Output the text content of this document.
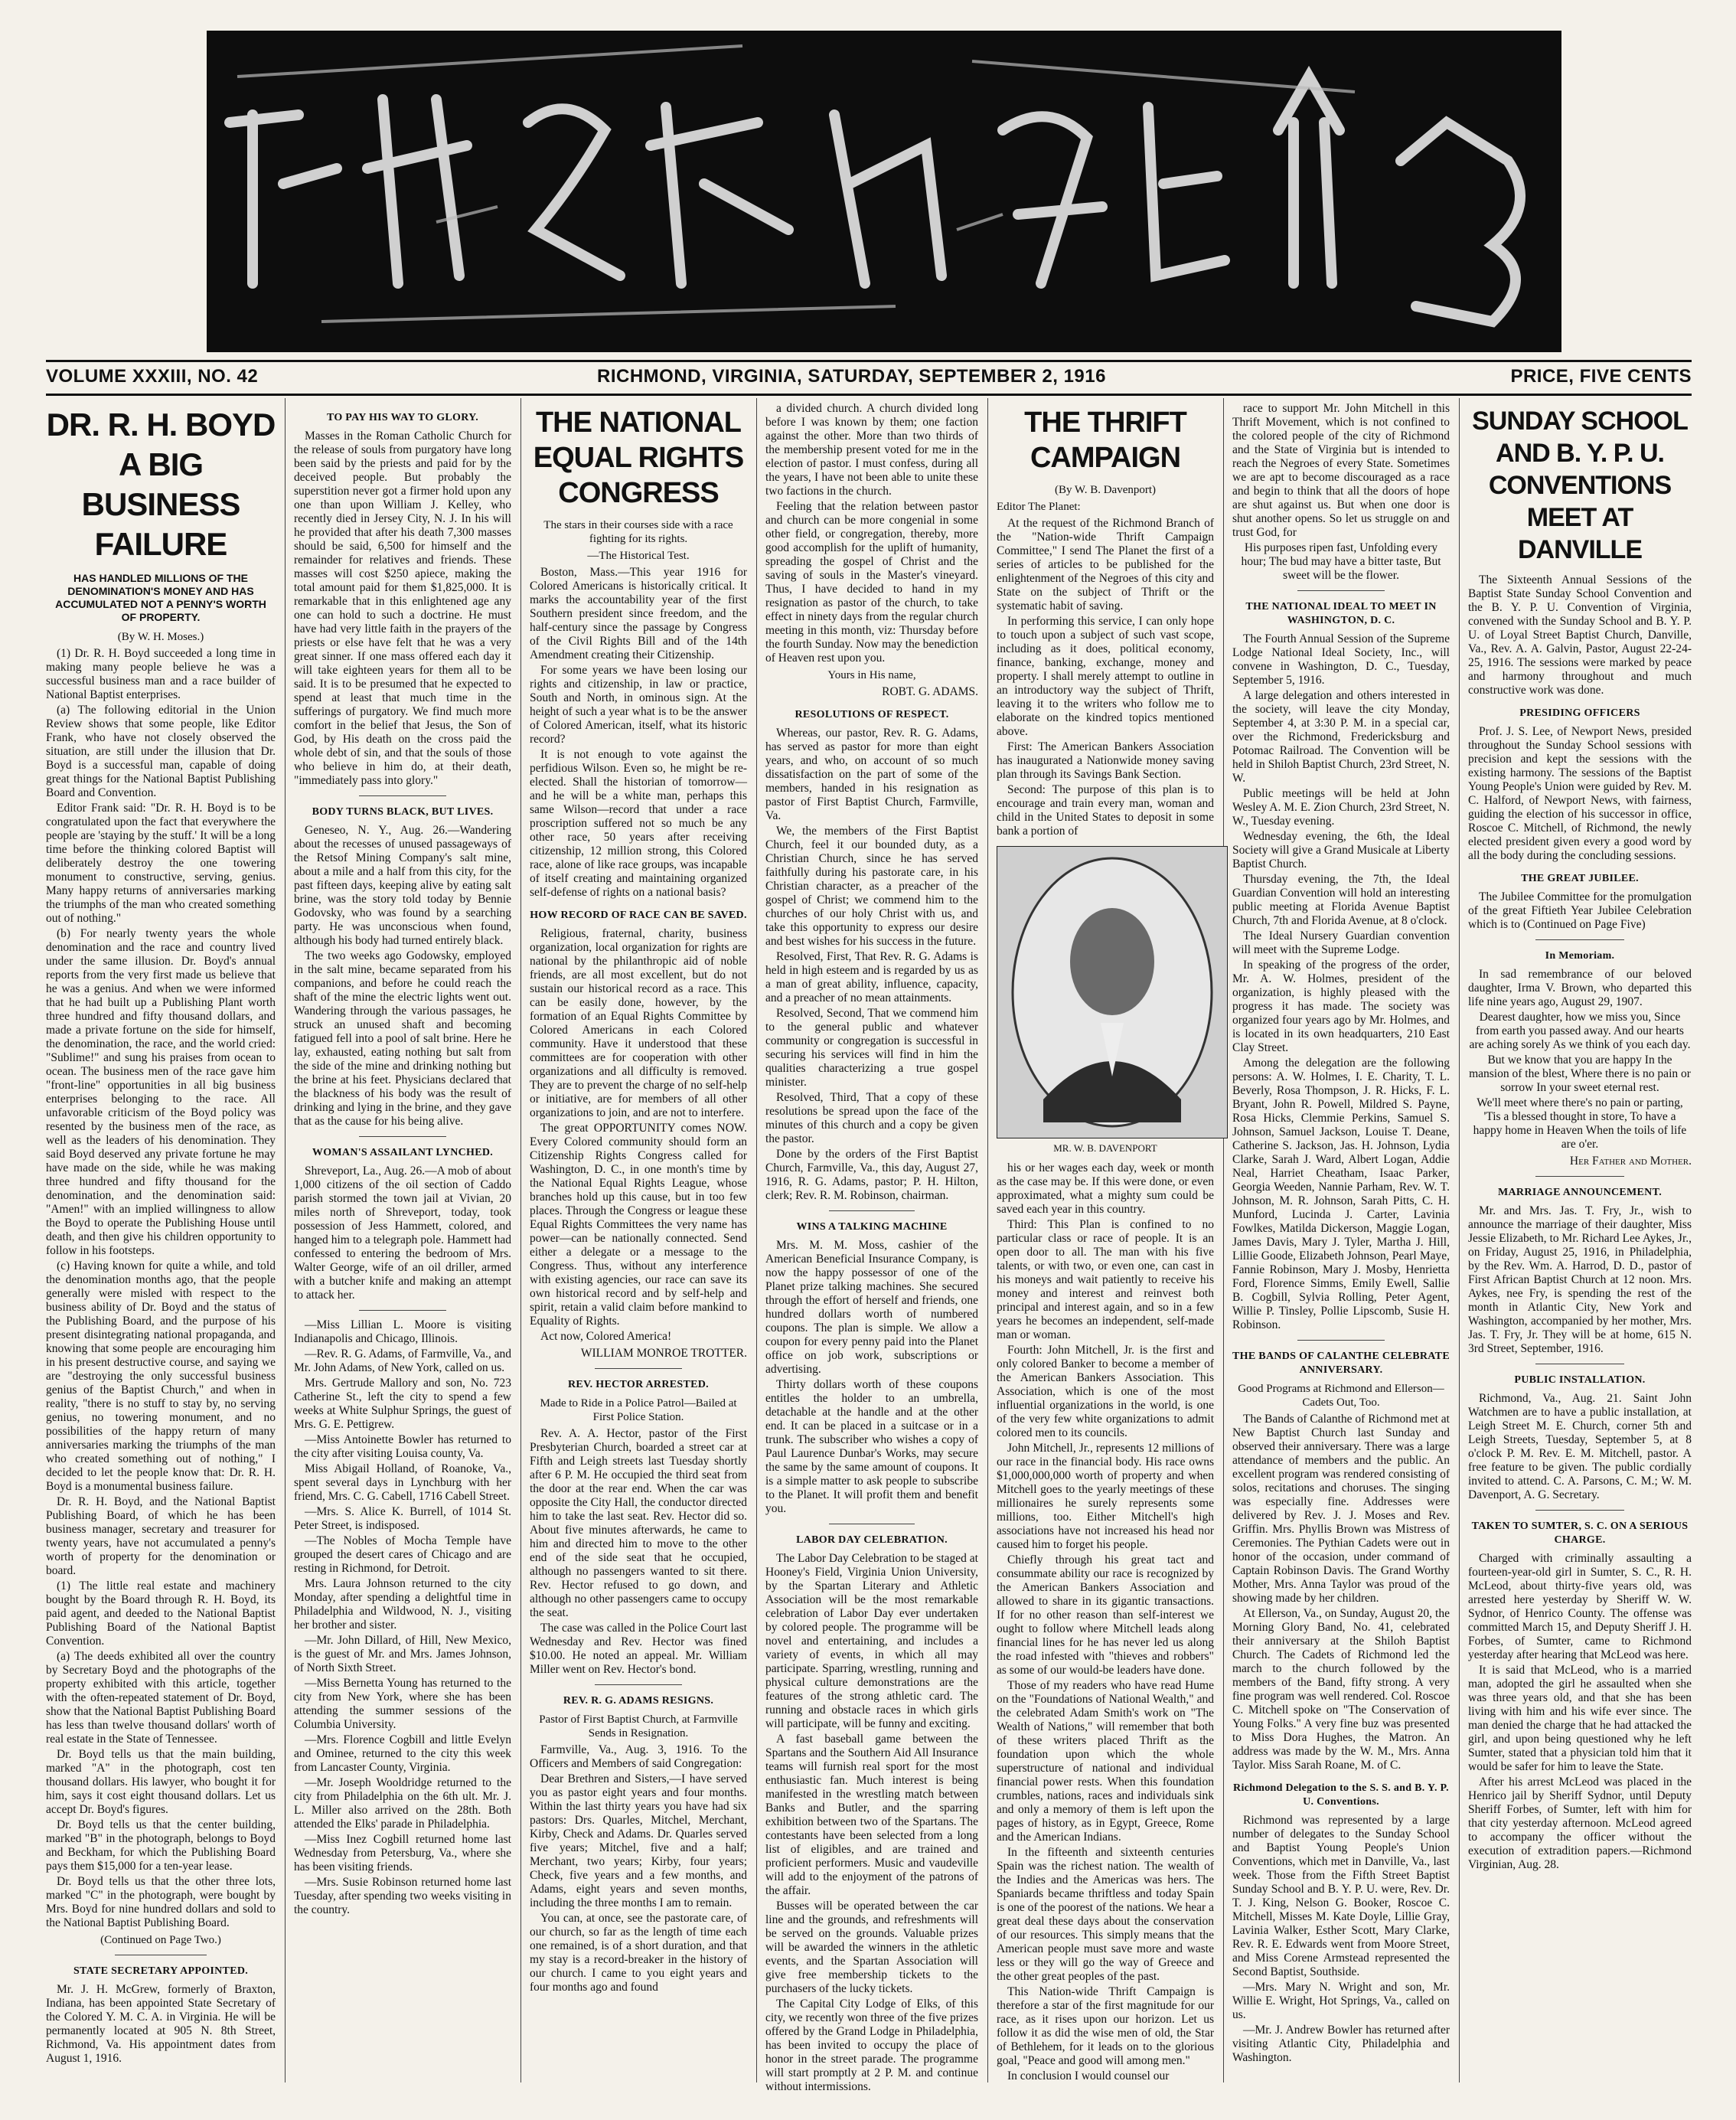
VOLUME XXXIII, NO. 42	RICHMOND, VIRGINIA, SATURDAY, SEPTEMBER 2, 1916	PRICE, FIVE CENTS
DR. R. H. BOYD A BIG BUSINESS FAILURE
HAS HANDLED MILLIONS OF THE DENOMINATION'S MONEY AND HAS ACCUMULATED NOT A PENNY'S WORTH OF PROPERTY.
(By W. H. Moses.)

(1) Dr. R. H. Boyd succeeded a long time in making many people believe he was a successful business man and a race builder of National Baptist enterprises.

(a) The following editorial in the Union Review shows that some people, like Editor Frank, who have not closely observed the situation, are still under the illusion that Dr. Boyd is a successful man, capable of doing great things for the National Baptist Publishing Board and Convention.

Editor Frank said: "Dr. R. H. Boyd is to be congratulated upon the fact that everywhere the people are 'staying by the stuff.' It will be a long time before the thinking colored Baptist will deliberately destroy the one towering monument to constructive, serving, genius. Many happy returns of anniversaries marking the triumphs of the man who created something out of nothing."

(b) For nearly twenty years the whole denomination and the race and country lived under the same illusion. Dr. Boyd's annual reports from the very first made us believe that he was a genius. And when we were informed that he had built up a Publishing Plant worth three hundred and fifty thousand dollars, and made a private fortune on the side for himself, the denomination, the race, and the world cried: "Sublime!" and sung his praises from ocean to ocean. The business men of the race gave him "front-line" opportunities in all big business enterprises belonging to the race. All unfavorable criticism of the Boyd policy was resented by the business men of the race, as well as the leaders of his denomination. They said Boyd deserved any private fortune he may have made on the side, while he was making three hundred and fifty thousand for the denomination, and the denomination said: "Amen!" with an implied willingness to allow the Boyd to operate the Publishing House until death, and then give his children opportunity to follow in his footsteps.

(c) Having known for quite a while, and told the denomination months ago, that the people generally were misled with respect to the business ability of Dr. Boyd and the status of the Publishing Board, and the purpose of his present disintegrating national propaganda, and knowing that some people are encouraging him in his present destructive course, and saying we are "destroying the only successful business genius of the Baptist Church," and when in reality, "there is no stuff to stay by, no serving genius, no towering monument, and no possibilities of the happy return of many anniversaries marking the triumphs of the man who created something out of nothing," I decided to let the people know that: Dr. R. H. Boyd is a monumental business failure.

Dr. R. H. Boyd, and the National Baptist Publishing Board, of which he has been business manager, secretary and treasurer for twenty years, have not accumulated a penny's worth of property for the denomination or board.

(1) The little real estate and machinery bought by the Board through R. H. Boyd, its paid agent, and deeded to the National Baptist Publishing Board of the National Baptist Convention.

(a) The deeds exhibited all over the country by Secretary Boyd and the photographs of the property exhibited with this article, together with the often-repeated statement of Dr. Boyd, show that the National Baptist Publishing Board has less than twelve thousand dollars' worth of real estate in the State of Tennessee.

Dr. Boyd tells us that the main building, marked "A" in the photograph, cost ten thousand dollars. His lawyer, who bought it for him, says it cost eight thousand dollars. Let us accept Dr. Boyd's figures.

Dr. Boyd tells us that the center building, marked "B" in the photograph, belongs to Boyd and Beckham, for which the Publishing Board pays them $15,000 for a ten-year lease.

Dr. Boyd tells us that the other three lots, marked "C" in the photograph, were bought by Mrs. Boyd for nine hundred dollars and sold to the National Baptist Publishing Board.

(Continued on Page Two.)
STATE SECRETARY APPOINTED.

Mr. J. H. McGrew, formerly of Braxton, Indiana, has been appointed State Secretary of the Colored Y. M. C. A. in Virginia. He will be permanently located at 905 N. 8th Street, Richmond, Va. His appointment dates from August 1, 1916.

TO PAY HIS WAY TO GLORY.

Masses in the Roman Catholic Church for the release of souls from purgatory have long been said by the priests and paid for by the deceived people. But probably the superstition never got a firmer hold upon any one than upon William J. Kelley, who recently died in Jersey City, N. J. In his will he provided that after his death 7,300 masses should be said, 6,500 for himself and the remainder for relatives and friends. These masses will cost $250 apiece, making the total amount paid for them $1,825,000. It is remarkable that in this enlightened age any one can hold to such a doctrine. He must have had very little faith in the prayers of the priests or else have felt that he was a very great sinner. If one mass offered each day it will take eighteen years for them all to be said. It is to be presumed that he expected to spend at least that much time in the sufferings of purgatory. We find much more comfort in the belief that Jesus, the Son of God, by His death on the cross paid the whole debt of sin, and that the souls of those who believe in him do, at their death, "immediately pass into glory."

BODY TURNS BLACK, BUT LIVES.

Geneseo, N. Y., Aug. 26.—Wandering about the recesses of unused passageways of the Retsof Mining Company's salt mine, about a mile and a half from this city, for the past fifteen days, keeping alive by eating salt brine, was the story told today by Bennie Godovsky, who was found by a searching party. He was unconscious when found, although his body had turned entirely black.

The two weeks ago Godowsky, employed in the salt mine, became separated from his companions, and before he could reach the shaft of the mine the electric lights went out. Wandering through the various passages, he struck an unused shaft and becoming fatigued fell into a pool of salt brine. Here he lay, exhausted, eating nothing but salt from the side of the mine and drinking nothing but the brine at his feet. Physicians declared that the blackness of his body was the result of drinking and lying in the brine, and they gave that as the cause for his being alive.

WOMAN'S ASSAILANT LYNCHED.

Shreveport, La., Aug. 26.—A mob of about 1,000 citizens of the oil section of Caddo parish stormed the town jail at Vivian, 20 miles north of Shreveport, today, took possession of Jess Hammett, colored, and hanged him to a telegraph pole. Hammett had confessed to entering the bedroom of Mrs. Walter George, wife of an oil driller, armed with a butcher knife and making an attempt to attack her.

—Miss Lillian L. Moore is visiting Indianapolis and Chicago, Illinois.

—Rev. R. G. Adams, of Farmville, Va., and Mr. John Adams, of New York, called on us.

Mrs. Gertrude Mallory and son, No. 723 Catherine St., left the city to spend a few weeks at White Sulphur Springs, the guest of Mrs. G. E. Pettigrew.

—Miss Antoinette Bowler has returned to the city after visiting Louisa county, Va.

Miss Abigail Holland, of Roanoke, Va., spent several days in Lynchburg with her friend, Mrs. C. G. Cabell, 1716 Cabell Street.

—Mrs. S. Alice K. Burrell, of 1014 St. Peter Street, is indisposed.

—The Nobles of Mocha Temple have grouped the desert cares of Chicago and are resting in Richmond, for Detroit.

Mrs. Laura Johnson returned to the city Monday, after spending a delightful time in Philadelphia and Wildwood, N. J., visiting her brother and sister.

—Mr. John Dillard, of Hill, New Mexico, is the guest of Mr. and Mrs. James Johnson, of North Sixth Street.

—Miss Bernetta Young has returned to the city from New York, where she has been attending the summer sessions of the Columbia University.

—Mrs. Florence Cogbill and little Evelyn and Ominee, returned to the city this week from Lancaster County, Virginia.

—Mr. Joseph Wooldridge returned to the city from Philadelphia on the 6th ult. Mr. J. L. Miller also arrived on the 28th. Both attended the Elks' parade in Philadelphia.

—Miss Inez Cogbill returned home last Wednesday from Petersburg, Va., where she has been visiting friends.

—Mrs. Susie Robinson returned home last Tuesday, after spending two weeks visiting in the country.

THE NATIONAL EQUAL RIGHTS CONGRESS
The stars in their courses side with a race fighting for its rights.
—The Historical Test.

Boston, Mass.—This year 1916 for Colored Americans is historically critical. It marks the accountability year of the first Southern president since freedom, and the half-century since the passage by Congress of the Civil Rights Bill and of the 14th Amendment creating their Citizenship.

For some years we have been losing our rights and citizenship, in law or practice, South and North, in ominous sign. At the height of such a year what is to be the answer of Colored American, itself, what its historic record?

It is not enough to vote against the perfidious Wilson. Even so, he might be re-elected. Shall the historian of tomorrow—and he will be a white man, perhaps this same Wilson—record that under a race proscription suffered not so much be any other race, 50 years after receiving citizenship, 12 million strong, this Colored race, alone of like race groups, was incapable of itself creating and maintaining organized self-defense of rights on a national basis?

HOW RECORD OF RACE CAN BE SAVED.

Religious, fraternal, charity, business organization, local organization for rights are national by the philanthropic aid of noble friends, are all most excellent, but do not sustain our historical record as a race. This can be easily done, however, by the formation of an Equal Rights Committee by Colored Americans in each Colored community. Have it understood that these committees are for cooperation with other organizations and all difficulty is removed. They are to prevent the charge of no self-help or initiative, are for members of all other organizations to join, and are not to interfere.

The great OPPORTUNITY comes NOW. Every Colored community should form an Citizenship Rights Congress called for Washington, D. C., in one month's time by the National Equal Rights League, whose branches hold up this cause, but in too few places. Through the Congress or league these Equal Rights Committees the very name has power—can be nationally connected. Send either a delegate or a message to the Congress. Thus, without any interference with existing agencies, our race can save its own historical record and by self-help and spirit, retain a valid claim before mankind to Equality of Rights.

Act now, Colored America!

WILLIAM MONROE TROTTER.
REV. HECTOR ARRESTED.
Made to Ride in a Police Patrol—Bailed at First Police Station.

Rev. A. A. Hector, pastor of the First Presbyterian Church, boarded a street car at Fifth and Leigh streets last Tuesday shortly after 6 P. M. He occupied the third seat from the door at the rear end. When the car was opposite the City Hall, the conductor directed him to take the last seat. Rev. Hector did so. About five minutes afterwards, he came to him and directed him to move to the other end of the side seat that he occupied, although no passengers wanted to sit there. Rev. Hector refused to go down, and although no other passengers came to occupy the seat.

The case was called in the Police Court last Wednesday and Rev. Hector was fined $10.00. He noted an appeal. Mr. William Miller went on Rev. Hector's bond.

REV. R. G. ADAMS RESIGNS.
Pastor of First Baptist Church, at Farmville Sends in Resignation.

Farmville, Va., Aug. 3, 1916. To the Officers and Members of said Congregation:

Dear Brethren and Sisters,—I have served you as pastor eight years and four months. Within the last thirty years you have had six pastors: Drs. Quarles, Mitchel, Merchant, Kirby, Check and Adams. Dr. Quarles served five years; Mitchel, five and a half; Merchant, two years; Kirby, four years; Check, five years and a few months, and Adams, eight years and seven months, including the three months I am to remain.

You can, at once, see the pastorate care, of our church, so far as the length of time each one remained, is of a short duration, and that my stay is a record-breaker in the history of our church. I came to you eight years and four months ago and found

a divided church. A church divided long before I was known by them; one faction against the other. More than two thirds of the membership present voted for me in the election of pastor. I must confess, during all the years, I have not been able to unite these two factions in the church.

Feeling that the relation between pastor and church can be more congenial in some other field, or congregation, thereby, more good accomplish for the uplift of humanity, spreading the gospel of Christ and the saving of souls in the Master's vineyard. Thus, I have decided to hand in my resignation as pastor of the church, to take effect in ninety days from the regular church meeting in this month, viz: Thursday before the fourth Sunday. Now may the benediction of Heaven rest upon you.

Yours in His name,
ROBT. G. ADAMS.
RESOLUTIONS OF RESPECT.

Whereas, our pastor, Rev. R. G. Adams, has served as pastor for more than eight years, and who, on account of so much dissatisfaction on the part of some of the members, handed in his resignation as pastor of First Baptist Church, Farmville, Va.

We, the members of the First Baptist Church, feel it our bounded duty, as a Christian Church, since he has served faithfully during his pastorate care, in his Christian character, as a preacher of the gospel of Christ; we commend him to the churches of our holy Christ with us, and take this opportunity to express our desire and best wishes for his success in the future.

Resolved, First, That Rev. R. G. Adams is held in high esteem and is regarded by us as a man of great ability, influence, capacity, and a preacher of no mean attainments.

Resolved, Second, That we commend him to the general public and whatever community or congregation is successful in securing his services will find in him the qualities characterizing a true gospel minister.

Resolved, Third, That a copy of these resolutions be spread upon the face of the minutes of this church and a copy be given the pastor.

Done by the orders of the First Baptist Church, Farmville, Va., this day, August 27, 1916, R. G. Adams, pastor; P. H. Hilton, clerk; Rev. R. M. Robinson, chairman.

WINS A TALKING MACHINE

Mrs. M. M. Moss, cashier of the American Beneficial Insurance Company, is now the happy possessor of one of the Planet prize talking machines. She secured through the effort of herself and friends, one hundred dollars worth of numbered coupons. The plan is simple. We allow a coupon for every penny paid into the Planet office on job work, subscriptions or advertising.

Thirty dollars worth of these coupons entitles the holder to an umbrella, detachable at the handle and at the other end. It can be placed in a suitcase or in a trunk. The subscriber who wishes a copy of Paul Laurence Dunbar's Works, may secure the same by the same amount of coupons. It is a simple matter to ask people to subscribe to the Planet. It will profit them and benefit you.

LABOR DAY CELEBRATION.

The Labor Day Celebration to be staged at Hooney's Field, Virginia Union University, by the Spartan Literary and Athletic Association will be the most remarkable celebration of Labor Day ever undertaken by colored people. The programme will be novel and entertaining, and includes a variety of events, in which all may participate. Sparring, wrestling, running and physical culture demonstrations are the features of the strong athletic card. The running and obstacle races in which girls will participate, will be funny and exciting.

A fast baseball game between the Spartans and the Southern Aid All Insurance teams will furnish real sport for the most enthusiastic fan. Much interest is being manifested in the wrestling match between Banks and Butler, and the sparring exhibition between two of the Spartans. The contestants have been selected from a long list of eligibles, and are trained and proficient performers. Music and vaudeville will add to the enjoyment of the patrons of the affair.

Busses will be operated between the car line and the grounds, and refreshments will be served on the grounds. Valuable prizes will be awarded the winners in the athletic events, and the Spartan Association will give free membership tickets to the purchasers of the lucky tickets.

The Capital City Lodge of Elks, of this city, we recently won three of the five prizes offered by the Grand Lodge in Philadelphia, has been invited to occupy the place of honor in the street parade. The programme will start promptly at 2 P. M. and continue without intermissions.

THE THRIFT CAMPAIGN
(By W. B. Davenport)
Editor The Planet:

At the request of the Richmond Branch of the "Nation-wide Thrift Campaign Committee," I send The Planet the first of a series of articles to be published for the enlightenment of the Negroes of this city and State on the subject of Thrift or the systematic habit of saving.

In performing this service, I can only hope to touch upon a subject of such vast scope, including as it does, political economy, finance, banking, exchange, money and property. I shall merely attempt to outline in an introductory way the subject of Thrift, leaving it to the writers who follow me to elaborate on the kindred topics mentioned above.

First: The American Bankers Association has inaugurated a Nationwide money saving plan through its Savings Bank Section.

Second: The purpose of this plan is to encourage and train every man, woman and child in the United States to deposit in some bank a portion of

MR. W. B. DAVENPORT

his or her wages each day, week or month as the case may be. If this were done, or even approximated, what a mighty sum could be saved each year in this country.

Third: This Plan is confined to no particular class or race of people. It is an open door to all. The man with his five talents, or with two, or even one, can cast in his moneys and wait patiently to receive his money and interest and reinvest both principal and interest again, and so in a few years he becomes an independent, self-made man or woman.

Fourth: John Mitchell, Jr. is the first and only colored Banker to become a member of the American Bankers Association. This Association, which is one of the most influential organizations in the world, is one of the very few white organizations to admit colored men to its councils.

John Mitchell, Jr., represents 12 millions of our race in the financial body. His race owns $1,000,000,000 worth of property and when Mitchell goes to the yearly meetings of these millionaires he surely represents some millions, too. Either Mitchell's high associations have not increased his head nor caused him to forget his people.

Chiefly through his great tact and consummate ability our race is recognized by the American Bankers Association and allowed to share in its gigantic transactions. If for no other reason than self-interest we ought to follow where Mitchell leads along financial lines for he has never led us along the road infested with "thieves and robbers" as some of our would-be leaders have done.

Those of my readers who have read Hume on the "Foundations of National Wealth," and the celebrated Adam Smith's work on "The Wealth of Nations," will remember that both of these writers placed Thrift as the foundation upon which the whole superstructure of national and individual financial power rests. When this foundation crumbles, nations, races and individuals sink and only a memory of them is left upon the pages of history, as in Egypt, Greece, Rome and the American Indians.

In the fifteenth and sixteenth centuries Spain was the richest nation. The wealth of the Indies and the Americas was hers. The Spaniards became thriftless and today Spain is one of the poorest of the nations. We hear a great deal these days about the conservation of our resources. This simply means that the American people must save more and waste less or they will go the way of Greece and the other great peoples of the past.

This Nation-wide Thrift Campaign is therefore a star of the first magnitude for our race, as it rises upon our horizon. Let us follow it as did the wise men of old, the Star of Bethlehem, for it leads on to the glorious goal, "Peace and good will among men."

In conclusion I would counsel our

race to support Mr. John Mitchell in this Thrift Movement, which is not confined to the colored people of the city of Richmond and the State of Virginia but is intended to reach the Negroes of every State. Sometimes we are apt to become discouraged as a race and begin to think that all the doors of hope are shut against us. But when one door is shut another opens. So let us struggle on and trust God, for

His purposes ripen fast, Unfolding every hour; The bud may have a bitter taste, But sweet will be the flower.

THE NATIONAL IDEAL TO MEET IN WASHINGTON, D. C.

The Fourth Annual Session of the Supreme Lodge National Ideal Society, Inc., will convene in Washington, D. C., Tuesday, September 5, 1916.

A large delegation and others interested in the society, will leave the city Monday, September 4, at 3:30 P. M. in a special car, over the Richmond, Fredericksburg and Potomac Railroad. The Convention will be held in Shiloh Baptist Church, 23rd Street, N. W.

Public meetings will be held at John Wesley A. M. E. Zion Church, 23rd Street, N. W., Tuesday evening.

Wednesday evening, the 6th, the Ideal Society will give a Grand Musicale at Liberty Baptist Church.

Thursday evening, the 7th, the Ideal Guardian Convention will hold an interesting public meeting at Florida Avenue Baptist Church, 7th and Florida Avenue, at 8 o'clock.

The Ideal Nursery Guardian convention will meet with the Supreme Lodge.

In speaking of the progress of the order, Mr. A. W. Holmes, president of the organization, is highly pleased with the progress it has made. The society was organized four years ago by Mr. Holmes, and is located in its own headquarters, 210 East Clay Street.

Among the delegation are the following persons: A. W. Holmes, I. E. Charity, T. L. Beverly, Rosa Thompson, J. R. Hicks, F. L. Bryant, John R. Powell, Mildred S. Payne, Rosa Hicks, Clemmie Perkins, Samuel S. Johnson, Samuel Jackson, Louise T. Deane, Catherine S. Jackson, Jas. H. Johnson, Lydia Clarke, Sarah J. Ward, Albert Logan, Addie Neal, Harriet Cheatham, Isaac Parker, Georgia Weeden, Nannie Parham, Rev. W. T. Johnson, M. R. Johnson, Sarah Pitts, C. H. Munford, Lucinda J. Carter, Lavinia Fowlkes, Matilda Dickerson, Maggie Logan, James Davis, Mary J. Tyler, Martha J. Hill, Lillie Goode, Elizabeth Johnson, Pearl Maye, Fannie Robinson, Mary J. Mosby, Henrietta Ford, Florence Simms, Emily Ewell, Sallie B. Cogbill, Sylvia Rolling, Peter Agent, Willie P. Tinsley, Pollie Lipscomb, Susie H. Robinson.

THE BANDS OF CALANTHE CELEBRATE ANNIVERSARY.
Good Programs at Richmond and Ellerson—Cadets Out, Too.

The Bands of Calanthe of Richmond met at New Baptist Church last Sunday and observed their anniversary. There was a large attendance of members and the public. An excellent program was rendered consisting of solos, recitations and choruses. The singing was especially fine. Addresses were delivered by Rev. J. J. Moses and Rev. Griffin. Mrs. Phyllis Brown was Mistress of Ceremonies. The Pythian Cadets were out in honor of the occasion, under command of Captain Robinson Davis. The Grand Worthy Mother, Mrs. Anna Taylor was proud of the showing made by her children.

At Ellerson, Va., on Sunday, August 20, the Morning Glory Band, No. 41, celebrated their anniversary at the Shiloh Baptist Church. The Cadets of Richmond led the march to the church followed by the members of the Band, fifty strong. A very fine program was well rendered. Col. Roscoe C. Mitchell spoke on "The Conservation of Young Folks." A very fine buz was presented to Miss Dora Hughes, the Matron. An address was made by the W. M., Mrs. Anna Taylor. Miss Sarah Roane, M. of C.

Richmond Delegation to the S. S. and B. Y. P. U. Conventions.

Richmond was represented by a large number of delegates to the Sunday School and Baptist Young People's Union Conventions, which met in Danville, Va., last week. Those from the Fifth Street Baptist Sunday School and B. Y. P. U. were, Rev. Dr. T. J. King, Nelson G. Booker, Roscoe C. Mitchell, Misses M. Kate Doyle, Lillie Gray, Lavinia Walker, Esther Scott, Mary Clarke, Rev. R. E. Edwards went from Moore Street, and Miss Corene Armstead represented the Second Baptist, Southside.

—Mrs. Mary N. Wright and son, Mr. Willie E. Wright, Hot Springs, Va., called on us.

—Mr. J. Andrew Bowler has returned after visiting Atlantic City, Philadelphia and Washington.

SUNDAY SCHOOL AND B. Y. P. U. CONVENTIONS MEET AT DANVILLE

The Sixteenth Annual Sessions of the Baptist State Sunday School Convention and the B. Y. P. U. Convention of Virginia, convened with the Sunday School and B. Y. P. U. of Loyal Street Baptist Church, Danville, Va., Rev. A. A. Galvin, Pastor, August 22-24-25, 1916. The sessions were marked by peace and harmony throughout and much constructive work was done.

PRESIDING OFFICERS

Prof. J. S. Lee, of Newport News, presided throughout the Sunday School sessions with precision and kept the sessions with the existing harmony. The sessions of the Baptist Young People's Union were guided by Rev. M. C. Halford, of Newport News, with fairness, guiding the election of his successor in office, Roscoe C. Mitchell, of Richmond, the newly elected president given every a good word by all the body during the concluding sessions.

THE GREAT JUBILEE.

The Jubilee Committee for the promulgation of the great Fiftieth Year Jubilee Celebration which is to (Continued on Page Five)

In Memoriam.

In sad remembrance of our beloved daughter, Irma V. Brown, who departed this life nine years ago, August 29, 1907.

Dearest daughter, how we miss you, Since from earth you passed away. And our hearts are aching sorely As we think of you each day.

But we know that you are happy In the mansion of the blest, Where there is no pain or sorrow In your sweet eternal rest.

We'll meet where there's no pain or parting, 'Tis a blessed thought in store, To have a happy home in Heaven When the toils of life are o'er.

Her Father and Mother.
MARRIAGE ANNOUNCEMENT.

Mr. and Mrs. Jas. T. Fry, Jr., wish to announce the marriage of their daughter, Miss Jessie Elizabeth, to Mr. Richard Lee Aykes, Jr., on Friday, August 25, 1916, in Philadelphia, by the Rev. Wm. A. Harrod, D. D., pastor of First African Baptist Church at 12 noon. Mrs. Aykes, nee Fry, is spending the rest of the month in Atlantic City, New York and Washington, accompanied by her mother, Mrs. Jas. T. Fry, Jr. They will be at home, 615 N. 3rd Street, September, 1916.

PUBLIC INSTALLATION.

Richmond, Va., Aug. 21. Saint John Watchmen are to have a public installation, at Leigh Street M. E. Church, corner 5th and Leigh Streets, Tuesday, September 5, at 8 o'clock P. M. Rev. E. M. Mitchell, pastor. A free feature to be given. The public cordially invited to attend. C. A. Parsons, C. M.; W. M. Davenport, A. G. Secretary.

TAKEN TO SUMTER, S. C. ON A SERIOUS CHARGE.

Charged with criminally assaulting a fourteen-year-old girl in Sumter, S. C., R. H. McLeod, about thirty-five years old, was arrested here yesterday by Sheriff W. W. Sydnor, of Henrico County. The offense was committed March 15, and Deputy Sheriff J. H. Forbes, of Sumter, came to Richmond yesterday after hearing that McLeod was here.

It is said that McLeod, who is a married man, adopted the girl he assaulted when she was three years old, and that she has been living with him and his wife ever since. The man denied the charge that he had attacked the girl, and upon being questioned why he left Sumter, stated that a physician told him that it would be safer for him to leave the State.

After his arrest McLeod was placed in the Henrico jail by Sheriff Sydnor, until Deputy Sheriff Forbes, of Sumter, left with him for that city yesterday afternoon. McLeod agreed to accompany the officer without the execution of extradition papers.—Richmond Virginian, Aug. 28.
